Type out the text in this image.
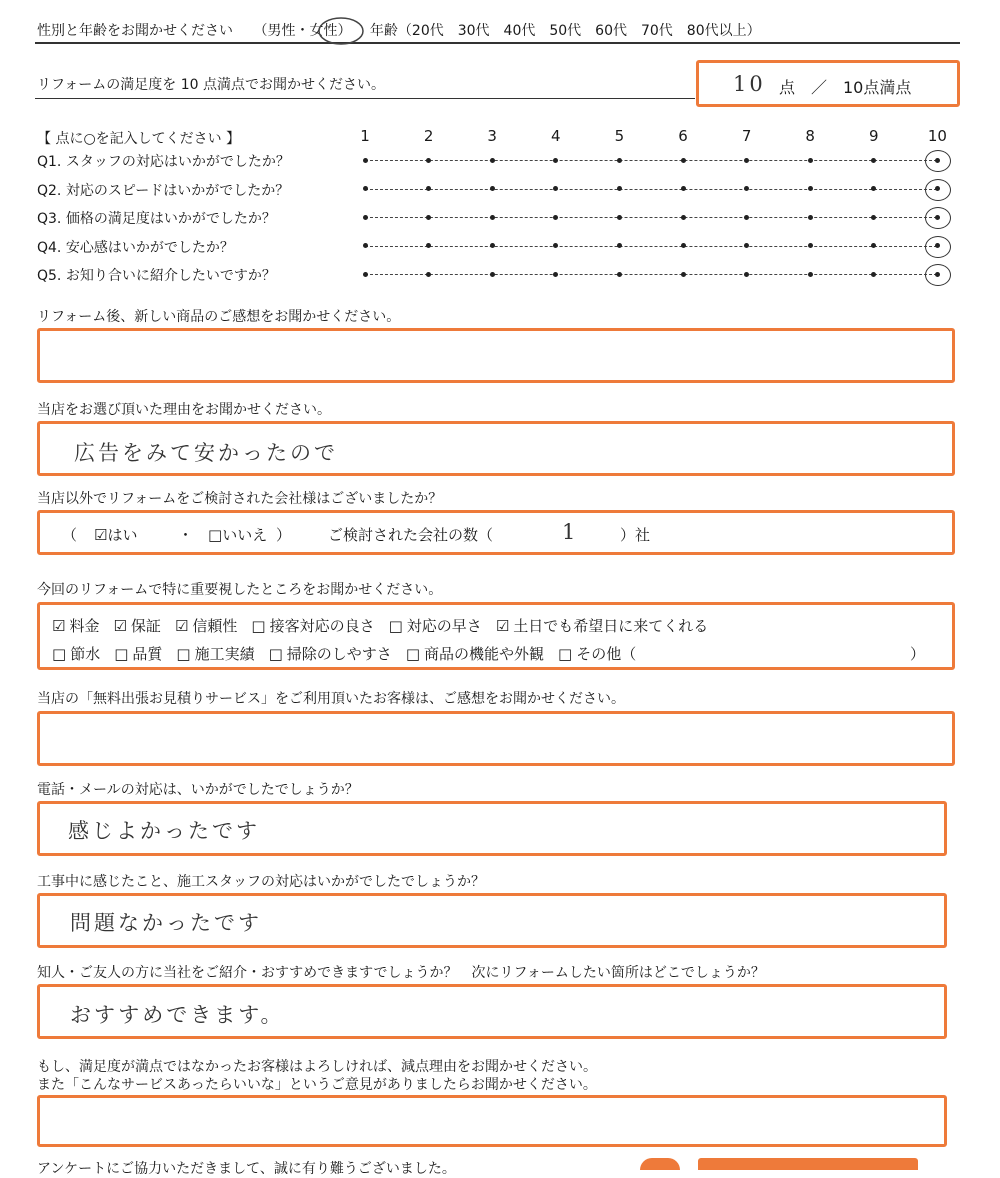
性別と年齢をお聞かせください （男性・女性） 年齢（20代　30代　40代　50代　60代　70代　80代以上）
リフォームの満足度を 10 点満点でお聞かせください。	10 点　／　10点満点
【 点に○を記入してください 】	1	2	3	4	5	6	7	8	9	10
Q1. スタッフの対応はいかがでしたか？
Q2. 対応のスピードはいかがでしたか？
Q3. 価格の満足度はいかがでしたか？
Q4. 安心感はいかがでしたか？
Q5. お知り合いに紹介したいですか？
リフォーム後、新しい商品のご感想をお聞かせください。
当店をお選び頂いた理由をお聞かせください。
広告をみて安かったので
当店以外でリフォームをご検討された会社様はございましたか？
（ ☑はい	・ □いいえ ） ご検討された会社の数（	1	）社
今回のリフォームで特に重要視したところをお聞かせください。
☑ 料金 ☑ 保証 ☑ 信頼性 □ 接客対応の良さ □ 対応の早さ ☑ 土日でも希望日に来てくれる
□ 節水 □ 品質 □ 施工実績 □ 掃除のしやすさ □ 商品の機能や外観 □ その他（	）
当店の「無料出張お見積りサービス」をご利用頂いたお客様は、ご感想をお聞かせください。
電話・メールの対応は、いかがでしたでしょうか？
感じよかったです
工事中に感じたこと、施工スタッフの対応はいかがでしたでしょうか？
問題なかったです
知人・ご友人の方に当社をご紹介・おすすめできますでしょうか？　次にリフォームしたい箇所はどこでしょうか？
おすすめできます。
もし、満足度が満点ではなかったお客様はよろしければ、減点理由をお聞かせください。
また「こんなサービスあったらいいな」というご意見がありましたらお聞かせください。
アンケートにご協力いただきまして、誠に有り難うございました。
